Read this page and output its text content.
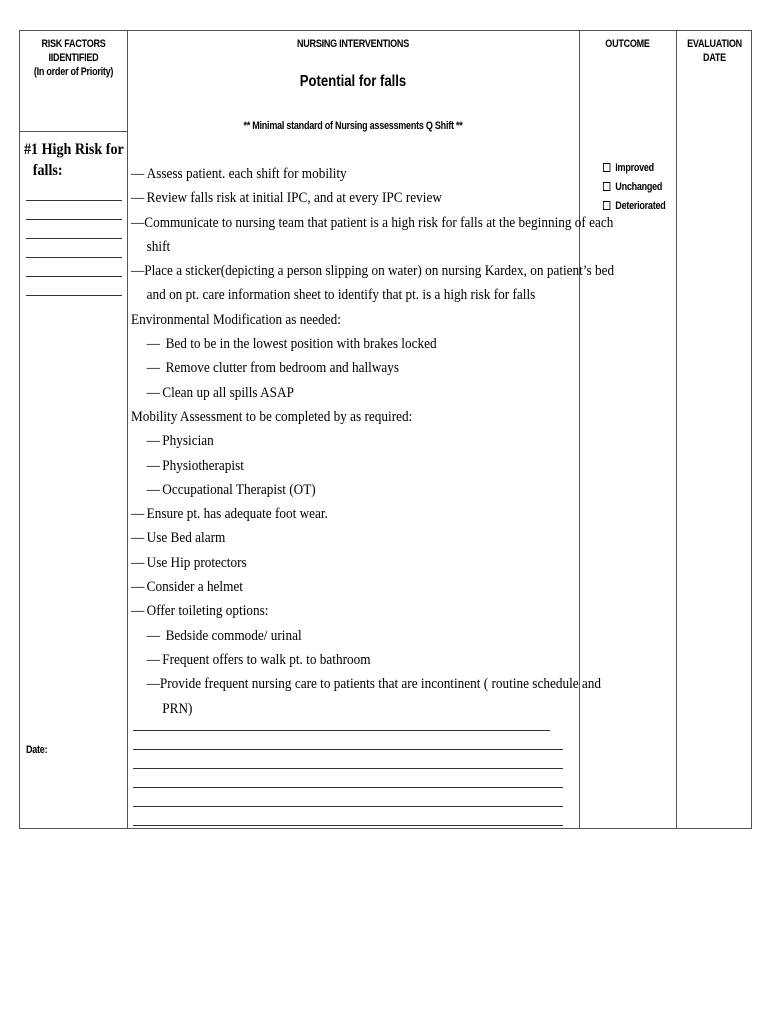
RISK FACTORS
IIDENTIFIED
(In order of Priority)
NURSING INTERVENTIONS
Potential for falls
** Minimal standard of Nursing assessments Q Shift **
OUTCOME	EVALUATION
DATE
#1 High Risk for
falls:
Date:
— Assess patient. each shift for mobility
— Review falls risk at initial IPC, and at every IPC review
— Communicate to nursing team that patient is a high risk for falls at the beginning of each
shift
— Place a sticker(depicting a person slipping on water) on nursing Kardex, on patient’s bed
and on pt. care information sheet to identify that pt. is a high risk for falls
Environmental Modification as needed:
— Bed to be in the lowest position with brakes locked
— Remove clutter from bedroom and hallways
— Clean up all spills ASAP
Mobility Assessment to be completed by as required:
— Physician
— Physiotherapist
— Occupational Therapist (OT)
— Ensure pt. has adequate foot wear.
— Use Bed alarm
— Use Hip protectors
— Consider a helmet
— Offer toileting options:
— Bedside commode/ urinal
— Frequent offers to walk pt. to bathroom
— Provide frequent nursing care to patients that are incontinent ( routine schedule and
PRN)
Improved
Unchanged
Deteriorated
